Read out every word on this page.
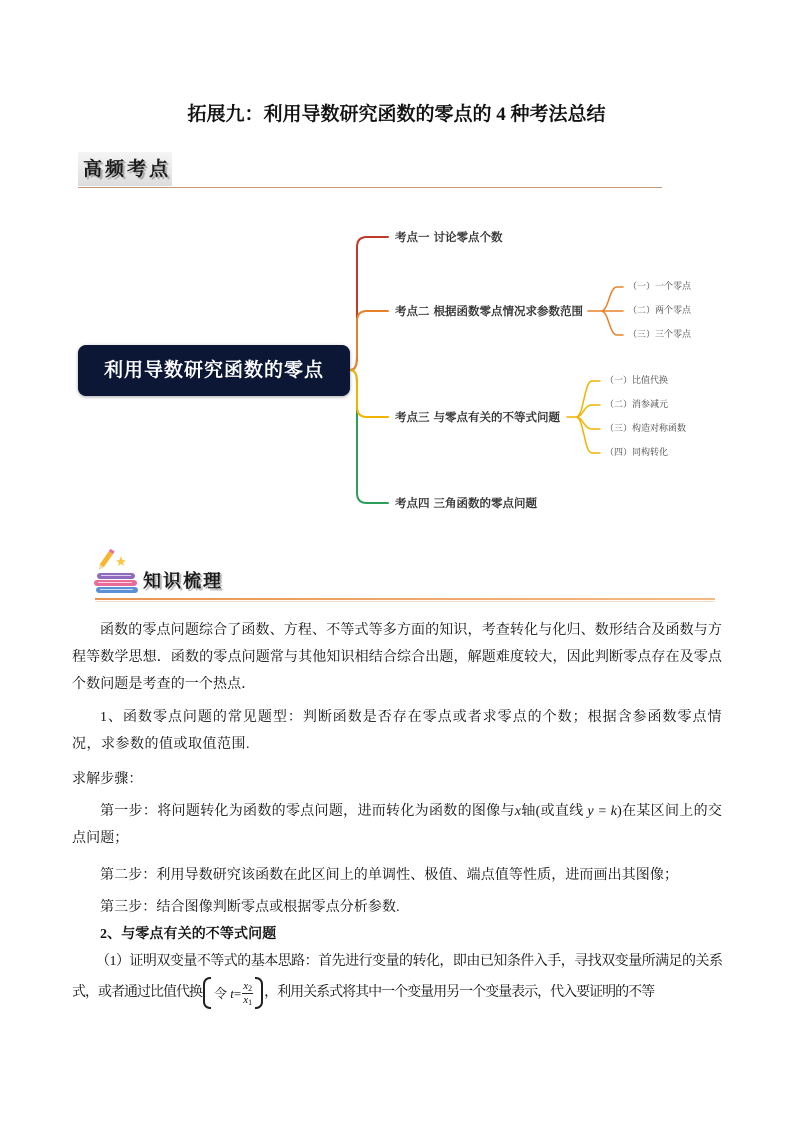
拓展九：利用导数研究函数的零点的 4 种考法总结
高频考点
利用导数研究函数的零点
考点一 讨论零点个数
考点二 根据函数零点情况求参数范围
考点三 与零点有关的不等式问题
考点四 三角函数的零点问题
（一）一个零点
（二）两个零点
（三）三个零点
（一）比值代换
（二）消参减元
（三）构造对称函数
（四）同构转化
知识梳理

函数的零点问题综合了函数、方程、不等式等多方面的知识，考查转化与化归、数形结合及函数与方程等数学思想．函数的零点问题常与其他知识相结合综合出题，解题难度较大，因此判断零点存在及零点个数问题是考查的一个热点．

1、函数零点问题的常见题型：判断函数是否存在零点或者求零点的个数；根据含参函数零点情况，求参数的值或取值范围.

求解步骤：

第一步：将问题转化为函数的零点问题，进而转化为函数的图像与x轴(或直线 y = k)在某区间上的交点问题；

第二步：利用导数研究该函数在此区间上的单调性、极值、端点值等性质，进而画出其图像；

第三步：结合图像判断零点或根据零点分析参数.

2、与零点有关的不等式问题

（1）证明双变量不等式的基本思路：首先进行变量的转化，即由已知条件入手，寻找双变量所满足的关系式，或者通过比值代换 令
$t = \frac{x_2}{x_1}$ ，利用关系式将其中一个变量用另一个变量表示，代入要证明的不等
